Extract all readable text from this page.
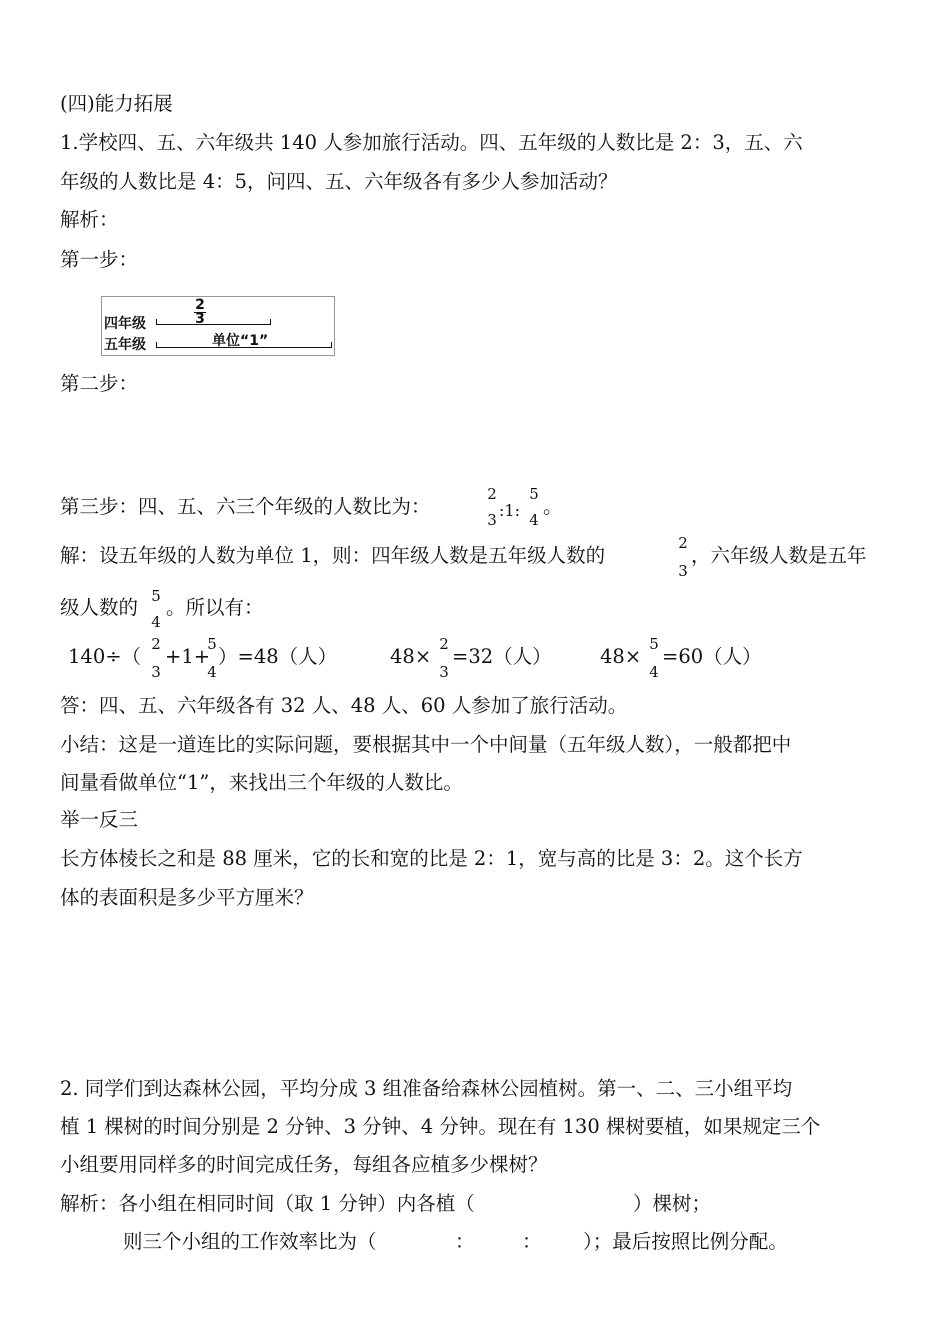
(四)能力拓展
1.学校四、五、六年级共 140 人参加旅行活动。四、五年级的人数比是 2：3，五、六
年级的人数比是 4：5，问四、五、六年级各有多少人参加活动？
解析：
第一步：
2
3
四年级
五年级	单位“1”
第二步：
第三步：四、五、六三个年级的人数比为：
2
3 :1:
5
4
。
解：设五年级的人数为单位 1，则：四年级人数是五年级人数的
2
3
，六年级人数是五年
级人数的 5
4
。所以有：
140÷（
2
3
+1+
5
4
）=48（人）	48×
2
3
=32（人） 48×
5
4
=60（人）
答：四、五、六年级各有 32 人、48 人、60 人参加了旅行活动。
小结：这是一道连比的实际问题，要根据其中一个中间量（五年级人数），一般都把中
间量看做单位“1”，来找出三个年级的人数比。
举一反三
长方体棱长之和是 88 厘米，它的长和宽的比是 2：1，宽与高的比是 3：2。这个长方
体的表面积是多少平方厘米？
2. 同学们到达森林公园，平均分成 3 组准备给森林公园植树。第一、二、三小组平均
植 1 棵树的时间分别是 2 分钟、3 分钟、4 分钟。现在有 130 棵树要植，如果规定三个
小组要用同样多的时间完成任务，每组各应植多少棵树？
解析：各小组在相同时间（取 1 分钟）内各植（	）棵树；
则三个小组的工作效率比为（	： ： ）；最后按照比例分配。
